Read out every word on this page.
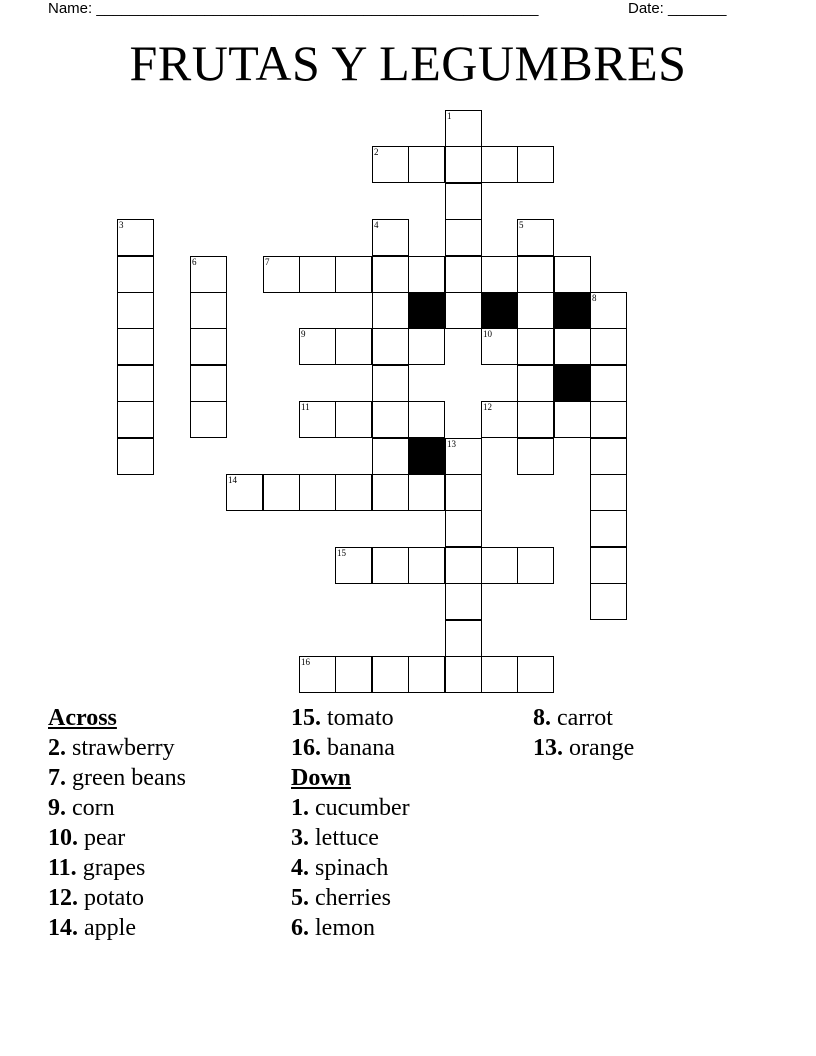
Name: _____________________________________________________	Date: _______
FRUTAS Y LEGUMBRES
1
2
3	4	5
6	7
8
9	10
11	12
13
14
15
16
Across
2. strawberry
7. green beans
9. corn
10. pear
11. grapes
12. potato
14. apple
15. tomato
16. banana
Down
1. cucumber
3. lettuce
4. spinach
5. cherries
6. lemon
8. carrot
13. orange
